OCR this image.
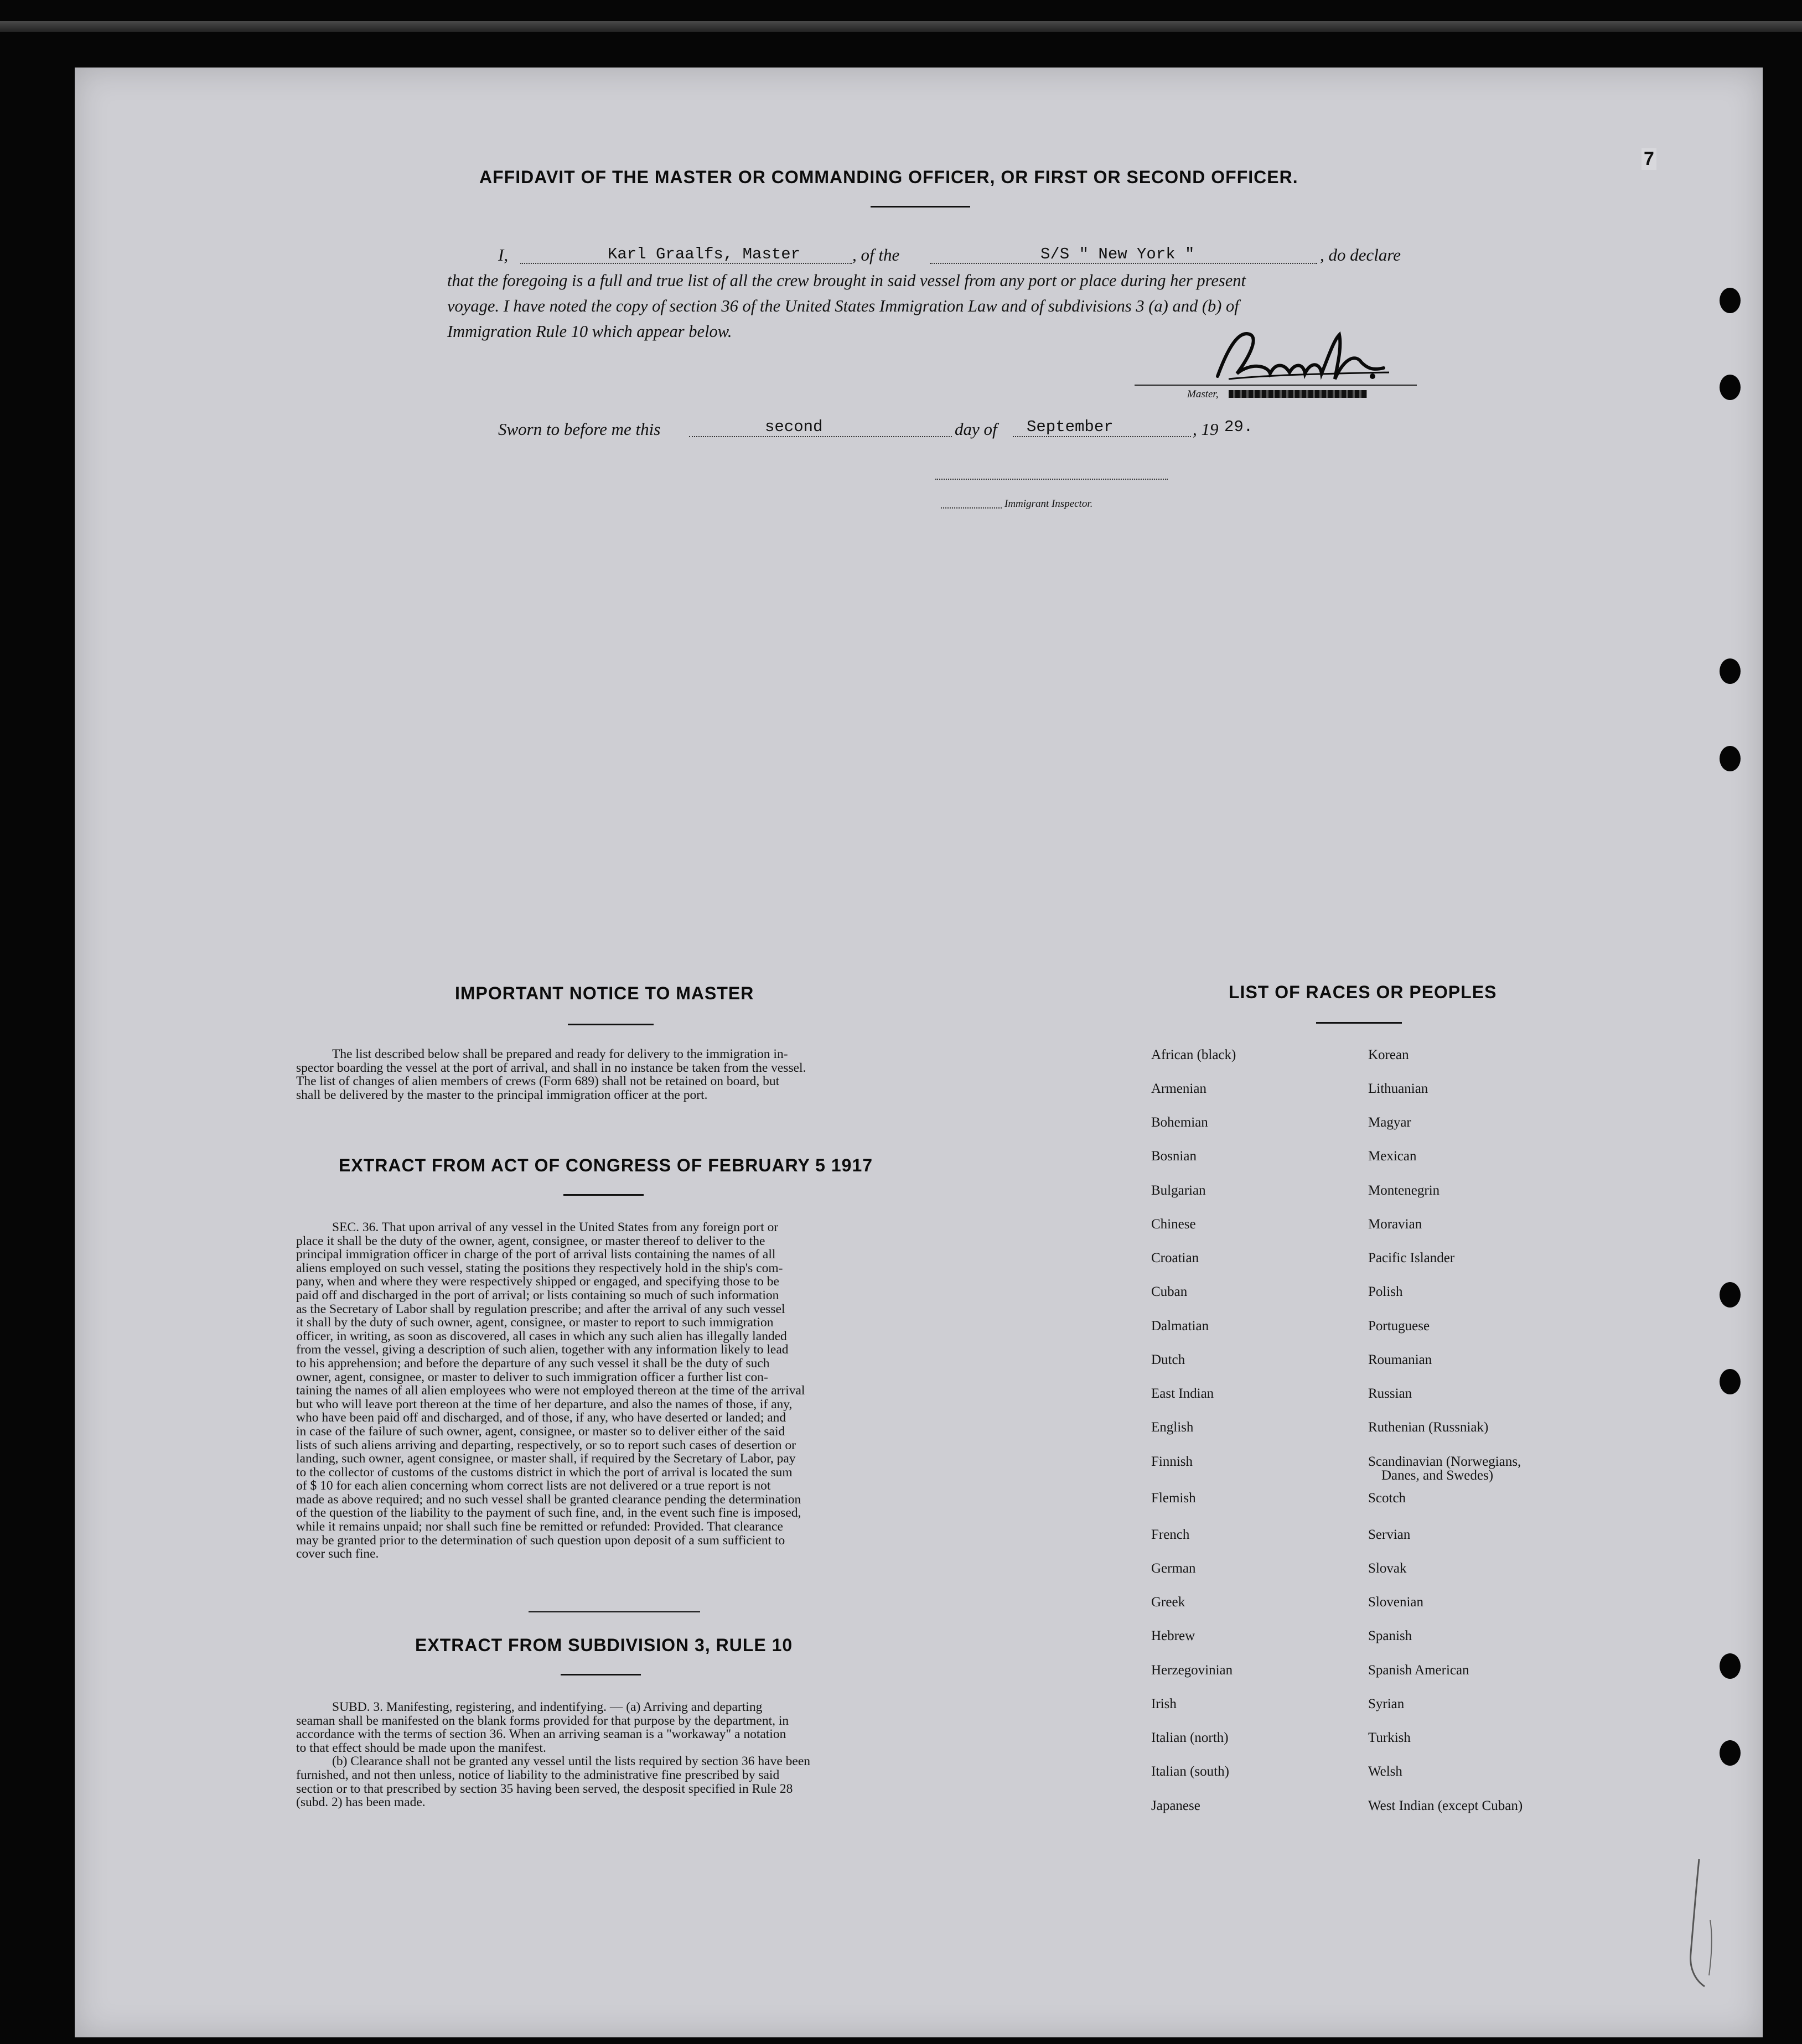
7
AFFIDAVIT OF THE MASTER OR COMMANDING OFFICER, OR FIRST OR SECOND OFFICER.
I,	Karl Graalfs, Master	, of the	S/S " New York "	, do declare
that the foregoing is a full and true list of all the crew brought in said vessel from any port or place during her present
voyage. I have noted the copy of section 36 of the United States Immigration Law and of subdivisions 3 (a) and (b) of
Immigration Rule 10 which appear below.
Master,
Sworn to before me this	second	day of September	, 19 29.
Immigrant Inspector.
IMPORTANT NOTICE TO MASTER

The list described below shall be prepared and ready for delivery to the immigration in-

spector boarding the vessel at the port of arrival, and shall in no instance be taken from the vessel.

The list of changes of alien members of crews (Form 689) shall not be retained on board, but

shall be delivered by the master to the principal immigration officer at the port.

EXTRACT FROM ACT OF CONGRESS OF FEBRUARY 5 1917

SEC. 36. That upon arrival of any vessel in the United States from any foreign port or

place it shall be the duty of the owner, agent, consignee, or master thereof to deliver to the

principal immigration officer in charge of the port of arrival lists containing the names of all

aliens employed on such vessel, stating the positions they respectively hold in the ship's com-

pany, when and where they were respectively shipped or engaged, and specifying those to be

paid off and discharged in the port of arrival; or lists containing so much of such information

as the Secretary of Labor shall by regulation prescribe; and after the arrival of any such vessel

it shall by the duty of such owner, agent, consignee, or master to report to such immigration

officer, in writing, as soon as discovered, all cases in which any such alien has illegally landed

from the vessel, giving a description of such alien, together with any information likely to lead

to his apprehension; and before the departure of any such vessel it shall be the duty of such

owner, agent, consignee, or master to deliver to such immigration officer a further list con-

taining the names of all alien employees who were not employed thereon at the time of the arrival

but who will leave port thereon at the time of her departure, and also the names of those, if any,

who have been paid off and discharged, and of those, if any, who have deserted or landed; and

in case of the failure of such owner, agent, consignee, or master so to deliver either of the said

lists of such aliens arriving and departing, respectively, or so to report such cases of desertion or

landing, such owner, agent consignee, or master shall, if required by the Secretary of Labor, pay

to the collector of customs of the customs district in which the port of arrival is located the sum

of $ 10 for each alien concerning whom correct lists are not delivered or a true report is not

made as above required; and no such vessel shall be granted clearance pending the determination

of the question of the liability to the payment of such fine, and, in the event such fine is imposed,

while it remains unpaid; nor shall such fine be remitted or refunded: Provided. That clearance

may be granted prior to the determination of such question upon deposit of a sum sufficient to

cover such fine.

EXTRACT FROM SUBDIVISION 3, RULE 10

SUBD. 3. Manifesting, registering, and indentifying. — (a) Arriving and departing

seaman shall be manifested on the blank forms provided for that purpose by the department, in

accordance with the terms of section 36. When an arriving seaman is a "workaway" a notation

to that effect should be made upon the manifest.

(b) Clearance shall not be granted any vessel until the lists required by section 36 have been

furnished, and not then unless, notice of liability to the administrative fine prescribed by said

section or to that prescribed by section 35 having been served, the desposit specified in Rule 28

(subd. 2) has been made.

LIST OF RACES OR PEOPLES
African (black)
Armenian
Bohemian
Bosnian
Bulgarian
Chinese
Croatian
Cuban
Dalmatian
Dutch
East Indian
English
Finnish
Flemish
French
German
Greek
Hebrew
Herzegovinian
Irish
Italian (north)
Italian (south)
Japanese
Korean
Lithuanian
Magyar
Mexican
Montenegrin
Moravian
Pacific Islander
Polish
Portuguese
Roumanian
Russian
Ruthenian (Russniak)
Scandinavian (Norwegians,
Danes, and Swedes)
Scotch
Servian
Slovak
Slovenian
Spanish
Spanish American
Syrian
Turkish
Welsh
West Indian (except Cuban)
